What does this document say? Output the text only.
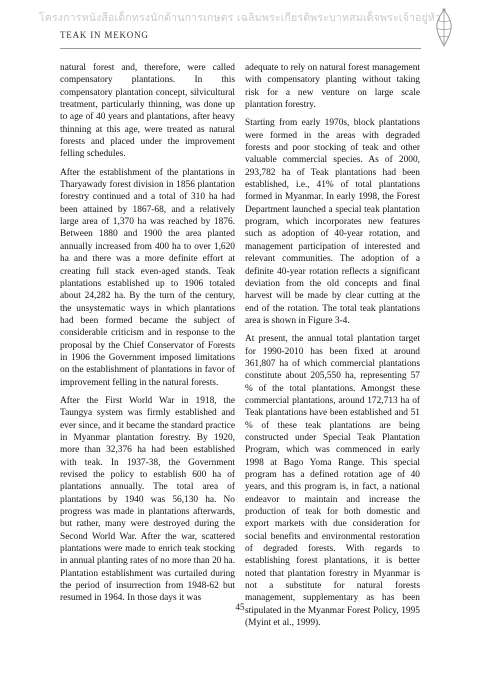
โครงการหนังสือเด็กทรงนักด้านการเกษตร เฉลิมพระเกียรติพระบาทสมเด็จพระเจ้าอยู่หัว
TEAK IN MEKONG

natural forest and, therefore, were called compensatory plantations. In this compensatory plantation concept, silvicultural treatment, particularly thinning, was done up to age of 40 years and plantations, after heavy thinning at this age, were treated as natural forests and placed under the improvement felling schedules.

After the establishment of the plantations in Tharyawady forest division in 1856 plantation forestry continued and a total of 310 ha had been attained by 1867-68, and a relatively large area of 1,370 ha was reached by 1876. Between 1880 and 1900 the area planted annually increased from 400 ha to over 1,620 ha and there was a more definite effort at creating full stack even-aged stands. Teak plantations established up to 1906 totaled about 24,282 ha. By the turn of the century, the unsystematic ways in which plantations had been formed became the subject of considerable criticism and in response to the proposal by the Chief Conservator of Forests in 1906 the Government imposed limitations on the establishment of plantations in favor of improvement felling in the natural forests.

After the First World War in 1918, the Taungya system was firmly established and ever since, and it became the standard practice in Myanmar plantation forestry. By 1920, more than 32,376 ha had been established with teak. In 1937-38, the Government revised the policy to establish 600 ha of plantations annually. The total area of plantations by 1940 was 56,130 ha. No progress was made in plantations afterwards, but rather, many were destroyed during the Second World War. After the war, scattered plantations were made to enrich teak stocking in annual planting rates of no more than 20 ha. Plantation establishment was curtailed during the period of insurrection from 1948-62 but resumed in 1964. In those days it was

adequate to rely on natural forest management with compensatory planting without taking risk for a new venture on large scale plantation forestry.

Starting from early 1970s, block plantations were formed in the areas with degraded forests and poor stocking of teak and other valuable commercial species. As of 2000, 293,782 ha of Teak plantations had been established, i.e., 41% of total plantations formed in Myanmar. In early 1998, the Forest Department launched a special teak plantation program, which incorporates new features such as adoption of 40-year rotation, and management participation of interested and relevant communities. The adoption of a definite 40-year rotation reflects a significant deviation from the old concepts and final harvest will be made by clear cutting at the end of the rotation. The total teak plantations area is shown in Figure 3-4.

At present, the annual total plantation target for 1990-2010 has been fixed at around 361,807 ha of which commercial plantations constitute about 205,550 ha, representing 57 % of the total plantations. Amongst these commercial plantations, around 172,713 ha of Teak plantations have been established and 51 % of these teak plantations are being constructed under Special Teak Plantation Program, which was commenced in early 1998 at Bago Yoma Range. This special program has a defined rotation age of 40 years, and this program is, in fact, a national endeavor to maintain and increase the production of teak for both domestic and export markets with due consideration for social benefits and environmental restoration of degraded forests. With regards to establishing forest plantations, it is better noted that plantation forestry in Myanmar is not a substitute for natural forests management, supplementary as has been stipulated in the Myanmar Forest Policy, 1995 (Myint et al., 1999).

45
